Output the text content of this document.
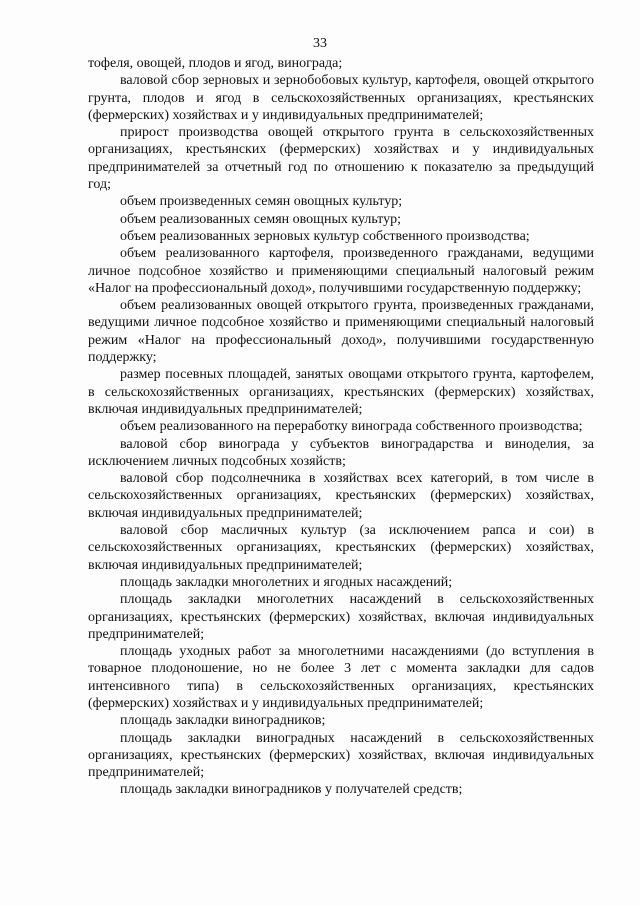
33

тофеля, овощей, плодов и ягод, винограда;

валовой сбор зерновых и зернобобовых культур, картофеля, овощей открытого грунта, плодов и ягод в сельскохозяйственных организациях, крестьянских (фермерских) хозяйствах и у индивидуальных предпринимателей;

прирост производства овощей открытого грунта в сельскохозяйственных организациях, крестьянских (фермерских) хозяйствах и у индивидуальных предпринимателей за отчетный год по отношению к показателю за предыдущий год;

объем произведенных семян овощных культур;

объем реализованных семян овощных культур;

объем реализованных зерновых культур собственного производства;

объем реализованного картофеля, произведенного гражданами, ведущими личное подсобное хозяйство и применяющими специальный налоговый режим «Налог на профессиональный доход», получившими государственную поддержку;

объем реализованных овощей открытого грунта, произведенных гражданами, ведущими личное подсобное хозяйство и применяющими специальный налоговый режим «Налог на профессиональный доход», получившими государственную поддержку;

размер посевных площадей, занятых овощами открытого грунта, картофелем, в сельскохозяйственных организациях, крестьянских (фермерских) хозяйствах, включая индивидуальных предпринимателей;

объем реализованного на переработку винограда собственного производства;

валовой сбор винограда у субъектов виноградарства и виноделия, за исключением личных подсобных хозяйств;

валовой сбор подсолнечника в хозяйствах всех категорий, в том числе в сельскохозяйственных организациях, крестьянских (фермерских) хозяйствах, включая индивидуальных предпринимателей;

валовой сбор масличных культур (за исключением рапса и сои) в сельскохозяйственных организациях, крестьянских (фермерских) хозяйствах, включая индивидуальных предпринимателей;

площадь закладки многолетних и ягодных насаждений;

площадь закладки многолетних насаждений в сельскохозяйственных организациях, крестьянских (фермерских) хозяйствах, включая индивидуальных предпринимателей;

площадь уходных работ за многолетними насаждениями (до вступления в товарное плодоношение, но не более 3 лет с момента закладки для садов интенсивного типа) в сельскохозяйственных организациях, крестьянских (фермерских) хозяйствах и у индивидуальных предпринимателей;

площадь закладки виноградников;

площадь закладки виноградных насаждений в сельскохозяйственных организациях, крестьянских (фермерских) хозяйствах, включая индивидуальных предпринимателей;

площадь закладки виноградников у получателей средств;
